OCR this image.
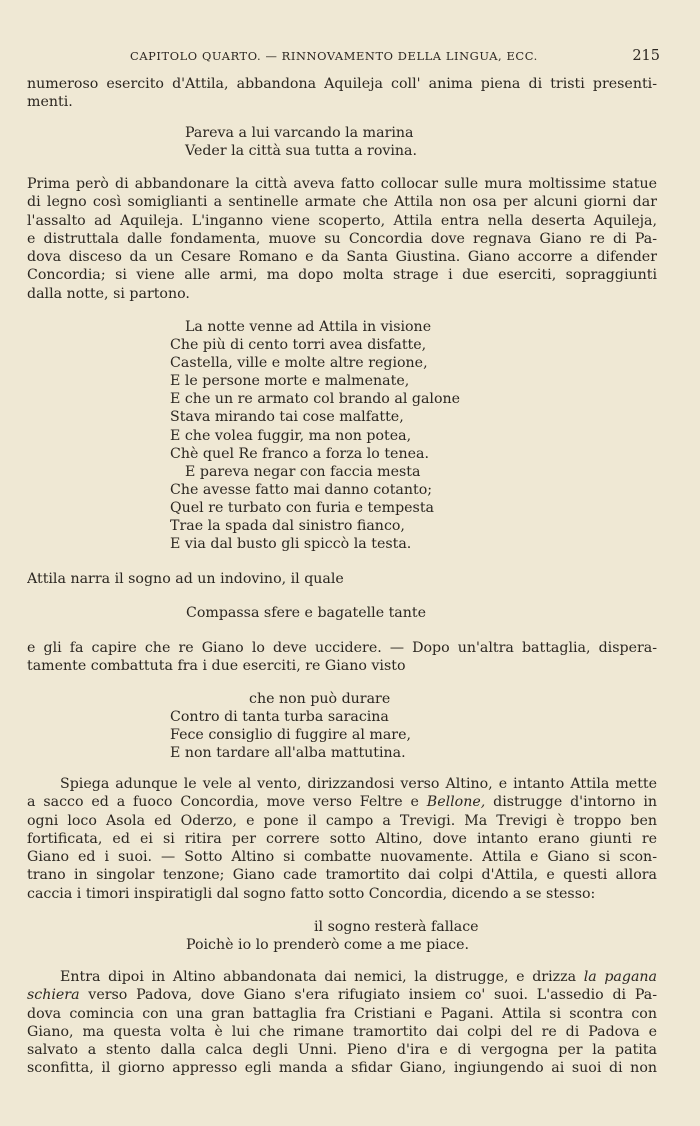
CAPITOLO QUARTO. — RINNOVAMENTO DELLA LINGUA, ECC.	215
numeroso esercito d'Attila, abbandona Aquileja coll' anima piena di tristi presenti-
menti.
Pareva a lui varcando la marina
Veder la città sua tutta a rovina.
Prima però di abbandonare la città aveva fatto collocar sulle mura moltissime statue
di legno così somiglianti a sentinelle armate che Attila non osa per alcuni giorni dar
l'assalto ad Aquileja. L'inganno viene scoperto, Attila entra nella deserta Aquileja,
e distruttala dalle fondamenta, muove su Concordia dove regnava Giano re di Pa-
dova disceso da un Cesare Romano e da Santa Giustina. Giano accorre a difender
Concordia; si viene alle armi, ma dopo molta strage i due eserciti, sopraggiunti
dalla notte, si partono.
La notte venne ad Attila in visione
Che più di cento torri avea disfatte,
Castella, ville e molte altre regione,
E le persone morte e malmenate,
E che un re armato col brando al galone
Stava mirando tai cose malfatte,
E che volea fuggir, ma non potea,
Chè quel Re franco a forza lo tenea.
E pareva negar con faccia mesta
Che avesse fatto mai danno cotanto;
Quel re turbato con furia e tempesta
Trae la spada dal sinistro fianco,
E via dal busto gli spiccò la testa.
Attila narra il sogno ad un indovino, il quale
Compassa sfere e bagatelle tante
e gli fa capire che re Giano lo deve uccidere. — Dopo un'altra battaglia, dispera-
tamente combattuta fra i due eserciti, re Giano visto
che non può durare
Contro di tanta turba saracina
Fece consiglio di fuggire al mare,
E non tardare all'alba mattutina.
Spiega adunque le vele al vento, dirizzandosi verso Altino, e intanto Attila mette
a sacco ed a fuoco Concordia, move verso Feltre e Bellone, distrugge d'intorno in
ogni loco Asola ed Oderzo, e pone il campo a Trevigi. Ma Trevigi è troppo ben
fortificata, ed ei si ritira per correre sotto Altino, dove intanto erano giunti re
Giano ed i suoi. — Sotto Altino si combatte nuovamente. Attila e Giano si scon-
trano in singolar tenzone; Giano cade tramortito dai colpi d'Attila, e questi allora
caccia i timori inspiratigli dal sogno fatto sotto Concordia, dicendo a se stesso:
il sogno resterà fallace
Poichè io lo prenderò come a me piace.
Entra dipoi in Altino abbandonata dai nemici, la distrugge, e drizza la pagana
schiera verso Padova, dove Giano s'era rifugiato insiem co' suoi. L'assedio di Pa-
dova comincia con una gran battaglia fra Cristiani e Pagani. Attila si scontra con
Giano, ma questa volta è lui che rimane tramortito dai colpi del re di Padova e
salvato a stento dalla calca degli Unni. Pieno d'ira e di vergogna per la patita
sconfitta, il giorno appresso egli manda a sfidar Giano, ingiungendo ai suoi di non
